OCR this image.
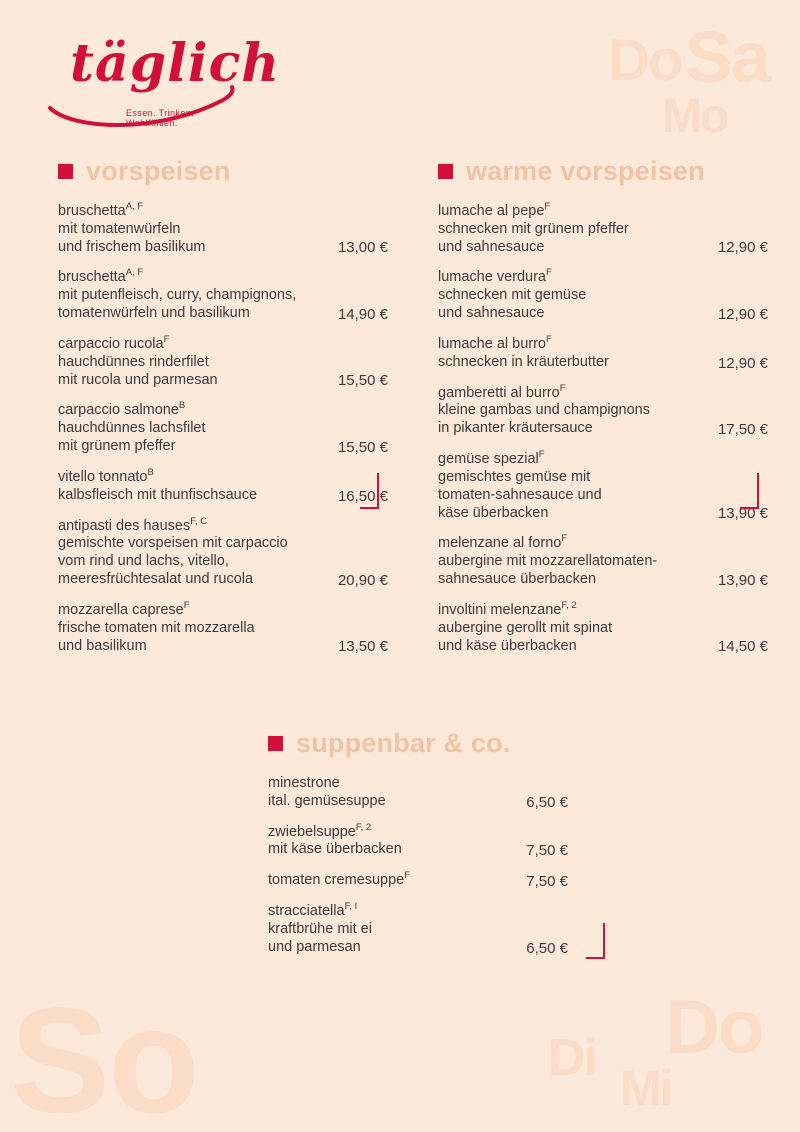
Do Sa
Mo
So	Do
Di
Mi
täglich
Essen. Trinken. Wohlfühlen.
vorspeisen
bruschetta$^{A, F}$
mit tomatenwürfeln
und frischem basilikum	13,00 €
bruschetta$^{A, F}$
mit putenfleisch, curry, champignons,
tomatenwürfeln und basilikum	14,90 €
carpaccio rucola$^F$
hauchdünnes rinderfilet
mit rucola und parmesan	15,50 €
carpaccio salmone$^B$
hauchdünnes lachsfilet
mit grünem pfeffer	15,50 €
vitello tonnato$^B$
kalbsfleisch mit thunfischsauce	16,50 €
antipasti des hauses$^{F, C}$
gemischte vorspeisen mit carpaccio
vom rind und lachs, vitello,
meeresfrüchtesalat und rucola	20,90 €
mozzarella caprese$^F$
frische tomaten mit mozzarella
und basilikum	13,50 €
warme vorspeisen
lumache al pepe$^F$
schnecken mit grünem pfeffer
und sahnesauce	12,90 €
lumache verdura$^F$
schnecken mit gemüse
und sahnesauce	12,90 €
lumache al burro$^F$
schnecken in kräuterbutter	12,90 €
gamberetti al burro$^F$
kleine gambas und champignons
in pikanter kräutersauce	17,50 €
gemüse spezial$^F$
gemischtes gemüse mit
tomaten-sahnesauce und
käse überbacken	13,90 €
melenzane al forno$^F$
aubergine mit mozzarellatomaten-
sahnesauce überbacken	13,90 €
involtini melenzane$^{F, 2}$
aubergine gerollt mit spinat
und käse überbacken	14,50 €
suppenbar & co.
minestrone
ital. gemüsesuppe	6,50 €
zwiebelsuppe$^{F, 2}$
mit käse überbacken	7,50 €
tomaten cremesuppe$^F$	7,50 €
stracciatella$^{F, I}$
kraftbrühe mit ei
und parmesan	6,50 €
